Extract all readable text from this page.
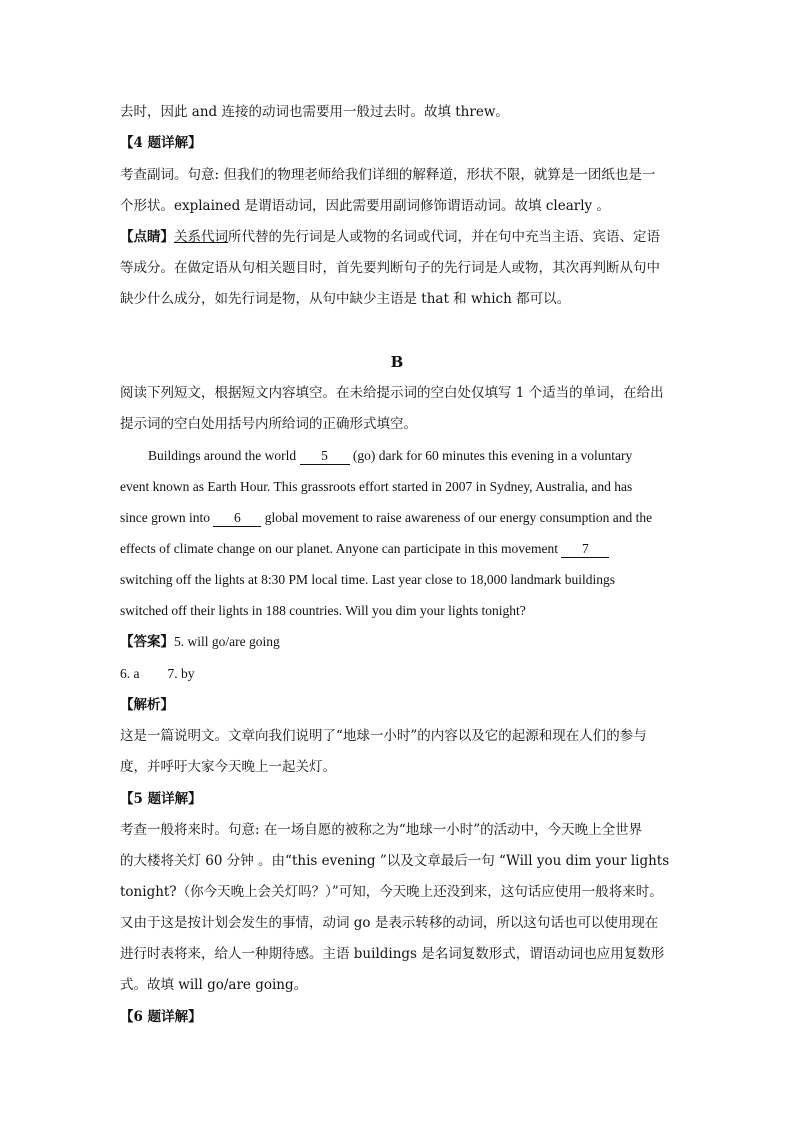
去时，因此 and 连接的动词也需要用一般过去时。故填 threw。
【4 题详解】
考查副词。句意: 但我们的物理老师给我们详细的解释道，形状不限，就算是一团纸也是一
个形状。explained 是谓语动词，因此需要用副词修饰谓语动词。故填 clearly 。
【点睛】关系代词所代替的先行词是人或物的名词或代词，并在句中充当主语、宾语、定语
等成分。在做定语从句相关题目时，首先要判断句子的先行词是人或物，其次再判断从句中
缺少什么成分，如先行词是物，从句中缺少主语是 that 和 which 都可以。
B
阅读下列短文，根据短文内容填空。在未给提示词的空白处仅填写 1 个适当的单词，在给出
提示词的空白处用括号内所给词的正确形式填空。
Buildings around the world 5 (go) dark for 60 minutes this evening in a voluntary
event known as Earth Hour. This grassroots effort started in 2007 in Sydney, Australia, and has
since grown into 6 global movement to raise awareness of our energy consumption and the
effects of climate change on our planet. Anyone can participate in this movement 7
switching off the lights at 8:30 PM local time. Last year close to 18,000 landmark buildings
switched off their lights in 188 countries. Will you dim your lights tonight?
【答案】5. will go/are going
6. a 7. by
【解析】
这是一篇说明文。文章向我们说明了“地球一小时”的内容以及它的起源和现在人们的参与
度，并呼吁大家今天晚上一起关灯。
【5 题详解】
考查一般将来时。句意: 在一场自愿的被称之为“地球一小时”的活动中，今天晚上全世界
的大楼将关灯 60 分钟 。由“this evening ”以及文章最后一句 “Will you dim your lights
tonight?（你今天晚上会关灯吗？）”可知，今天晚上还没到来，这句话应使用一般将来时。
又由于这是按计划会发生的事情，动词 go 是表示转移的动词，所以这句话也可以使用现在
进行时表将来，给人一种期待感。主语 buildings 是名词复数形式，谓语动词也应用复数形
式。故填 will go/are going。
【6 题详解】
